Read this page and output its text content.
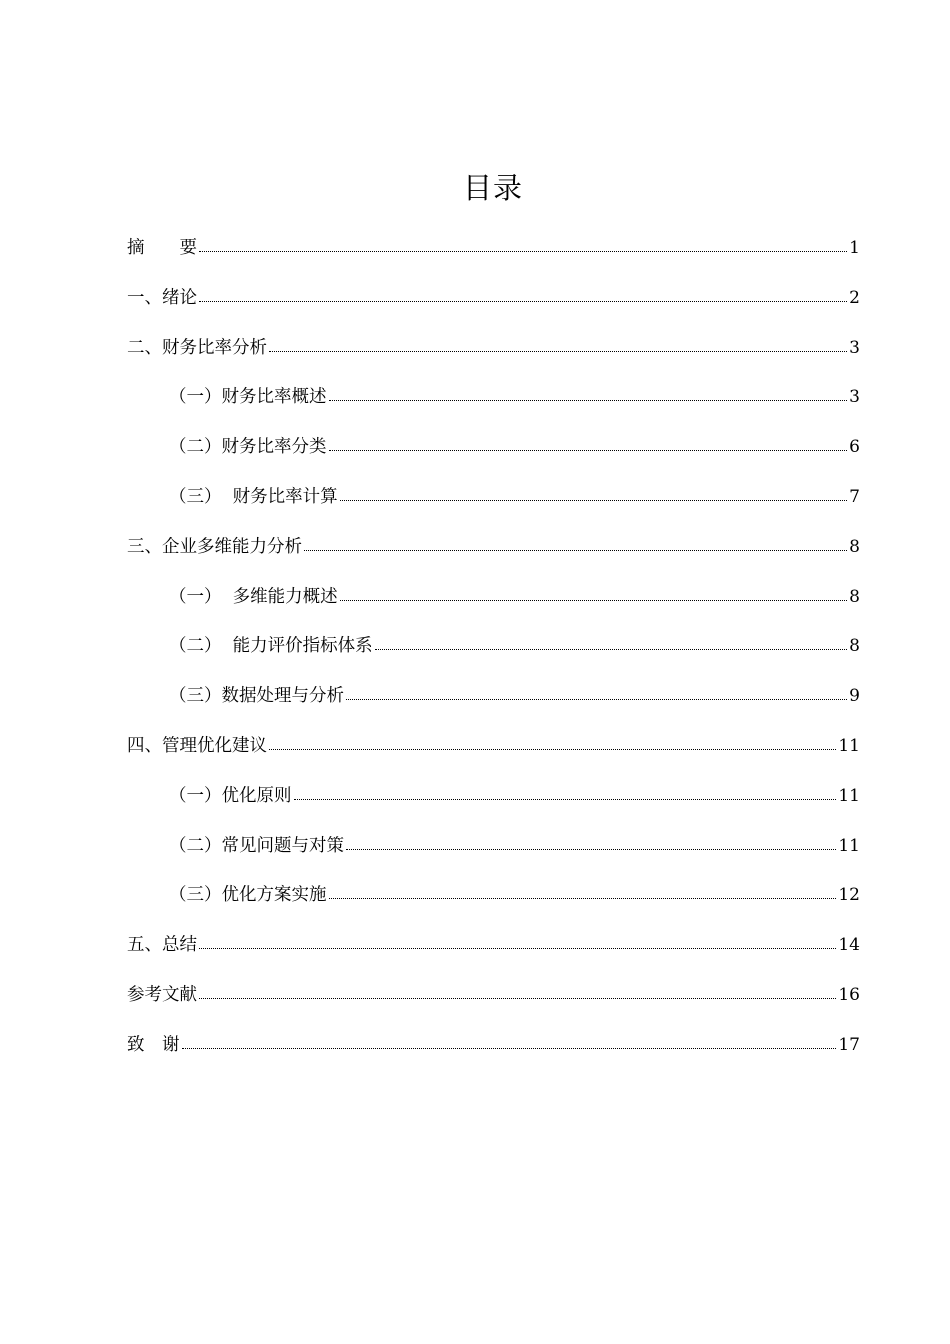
目录
摘　　要	1
一、绪论	2
二、财务比率分析	3
（一）财务比率概述	3
（二）财务比率分类	6
（三）  财务比率计算	7
三、企业多维能力分析	8
（一）  多维能力概述	8
（二）  能力评价指标体系	8
（三）数据处理与分析	9
四、管理优化建议	11
（一）优化原则	11
（二）常见问题与对策	11
（三）优化方案实施	12
五、总结	14
参考文献	16
致　谢	17
